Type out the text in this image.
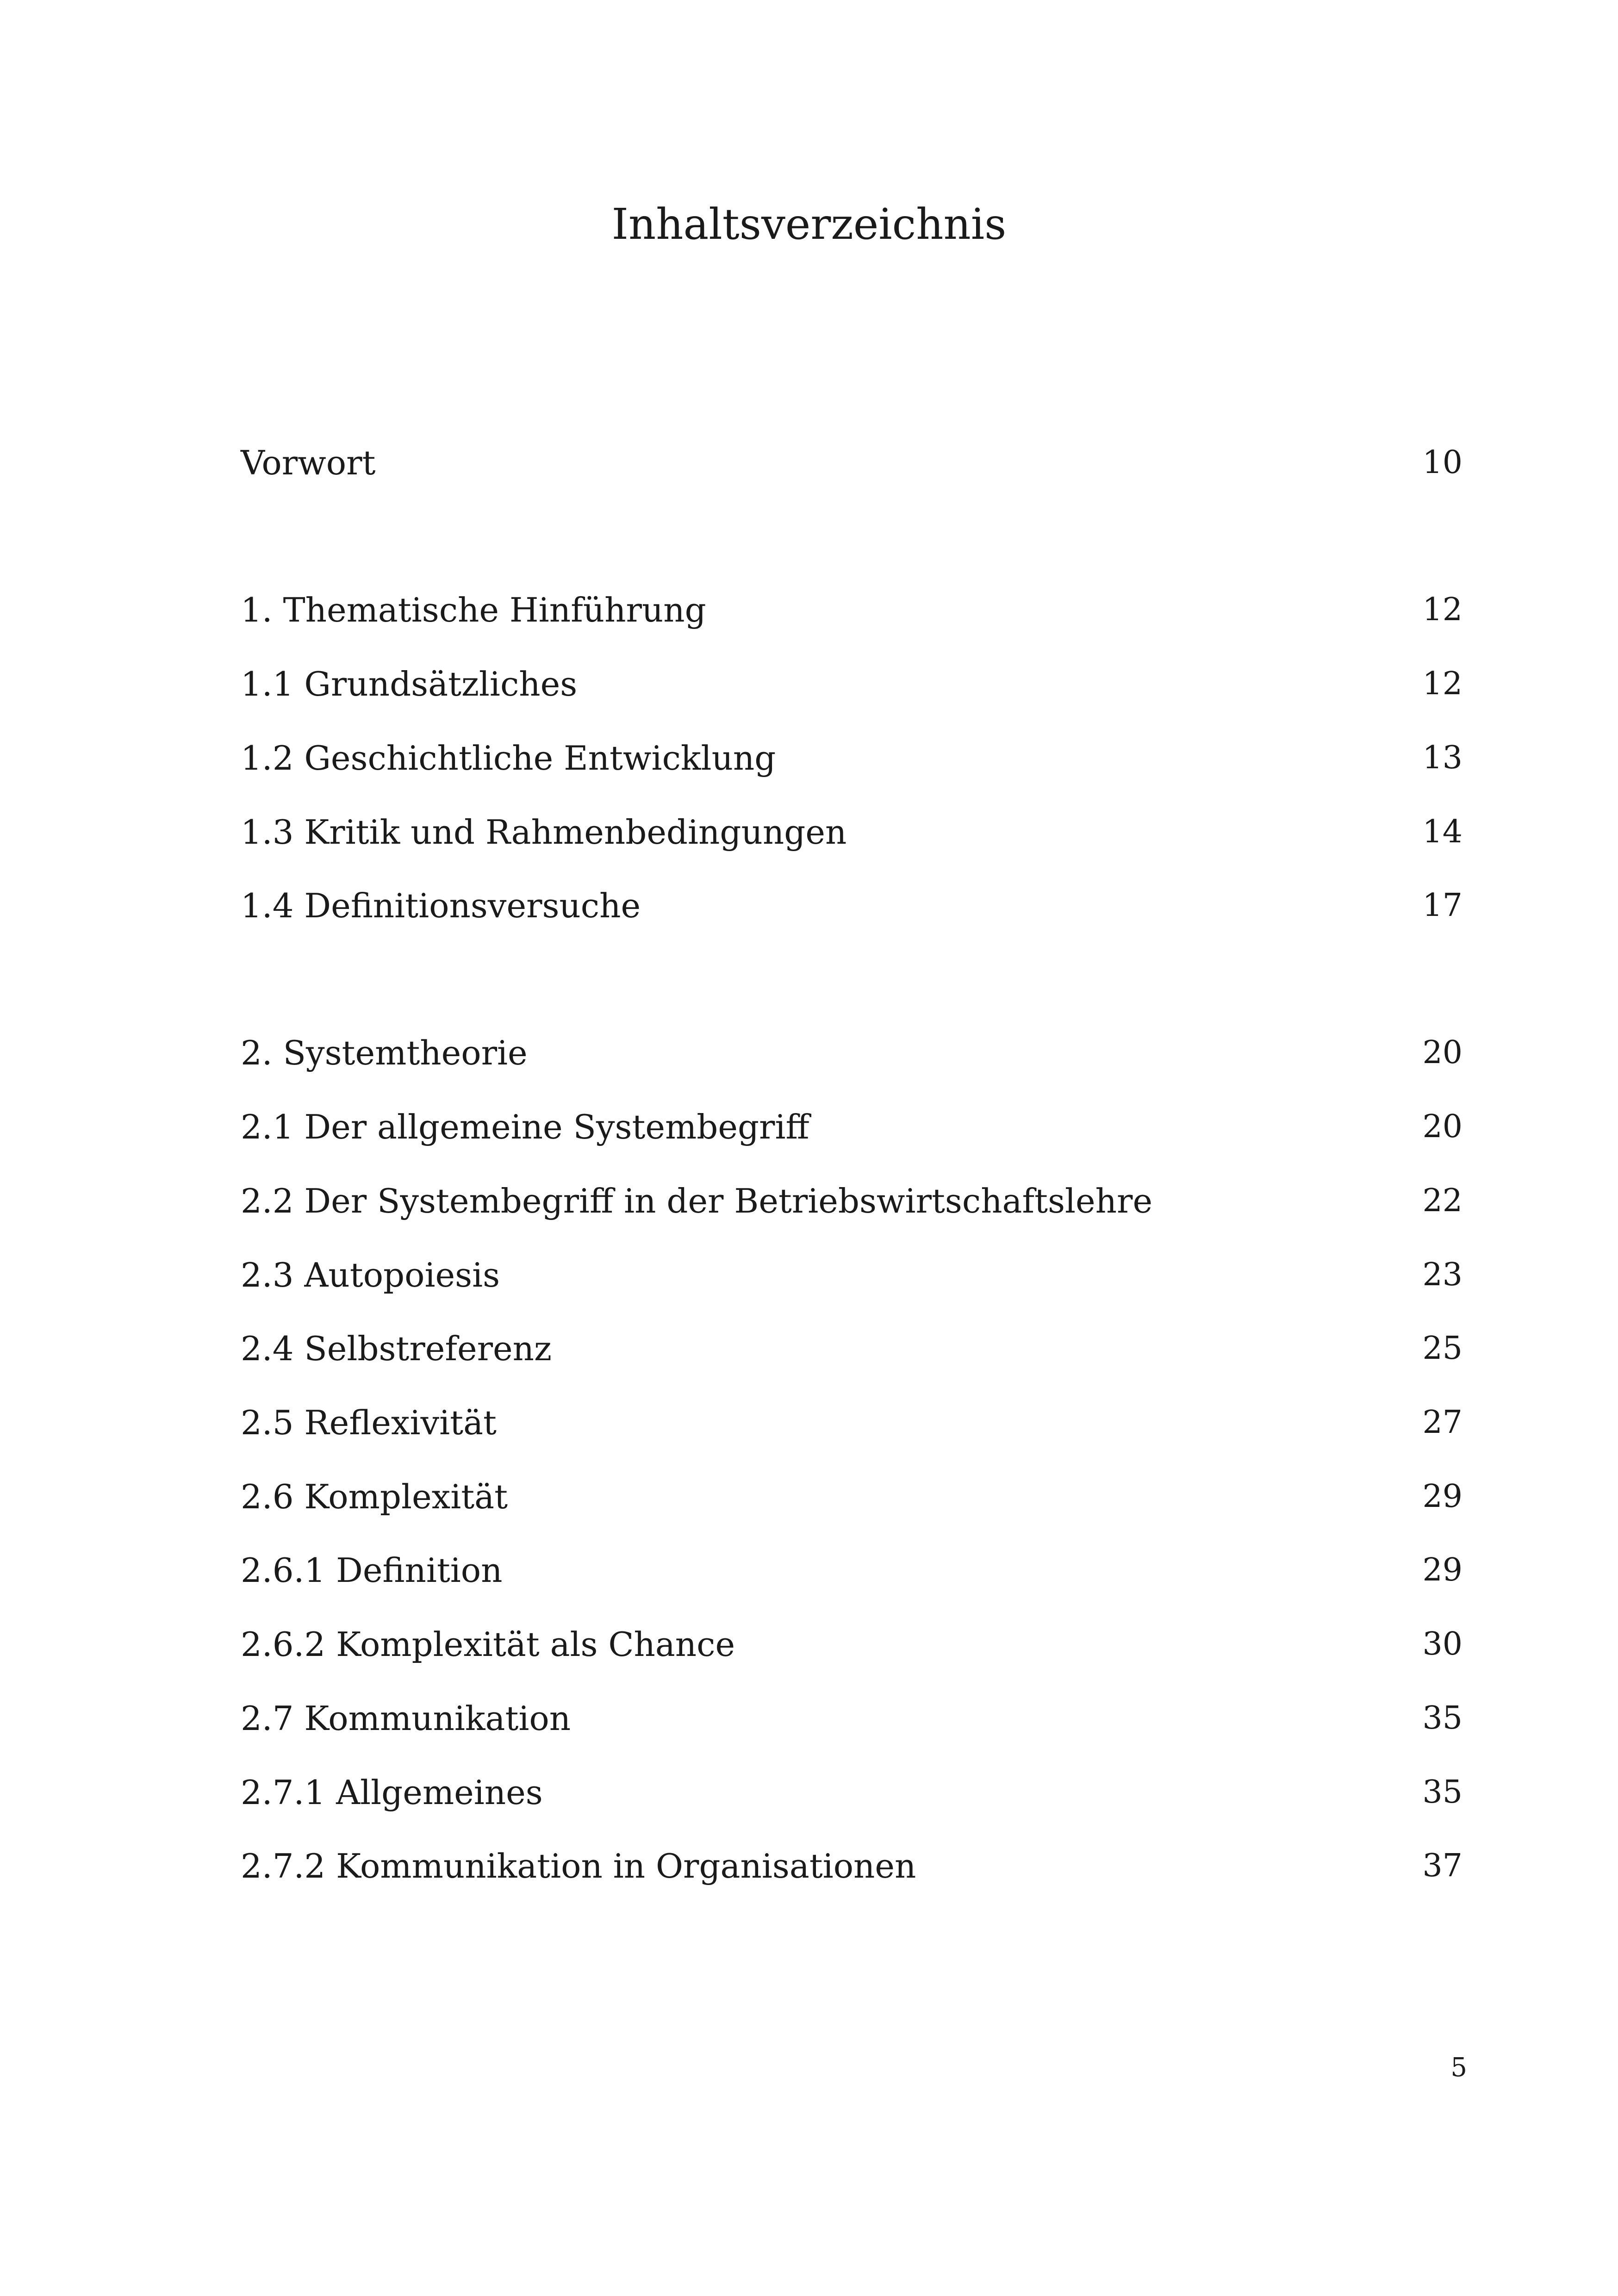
Inhaltsverzeichnis
Vorwort	10
1. Thematische Hinführung	12
1.1 Grundsätzliches	12
1.2 Geschichtliche Entwicklung	13
1.3 Kritik und Rahmenbedingungen	14
1.4 Definitionsversuche	17
2. Systemtheorie	20
2.1 Der allgemeine Systembegriff	20
2.2 Der Systembegriff in der Betriebswirtschaftslehre	22
2.3 Autopoiesis	23
2.4 Selbstreferenz	25
2.5 Reflexivität	27
2.6 Komplexität	29
2.6.1 Definition	29
2.6.2 Komplexität als Chance	30
2.7 Kommunikation	35
2.7.1 Allgemeines	35
2.7.2 Kommunikation in Organisationen	37
5
